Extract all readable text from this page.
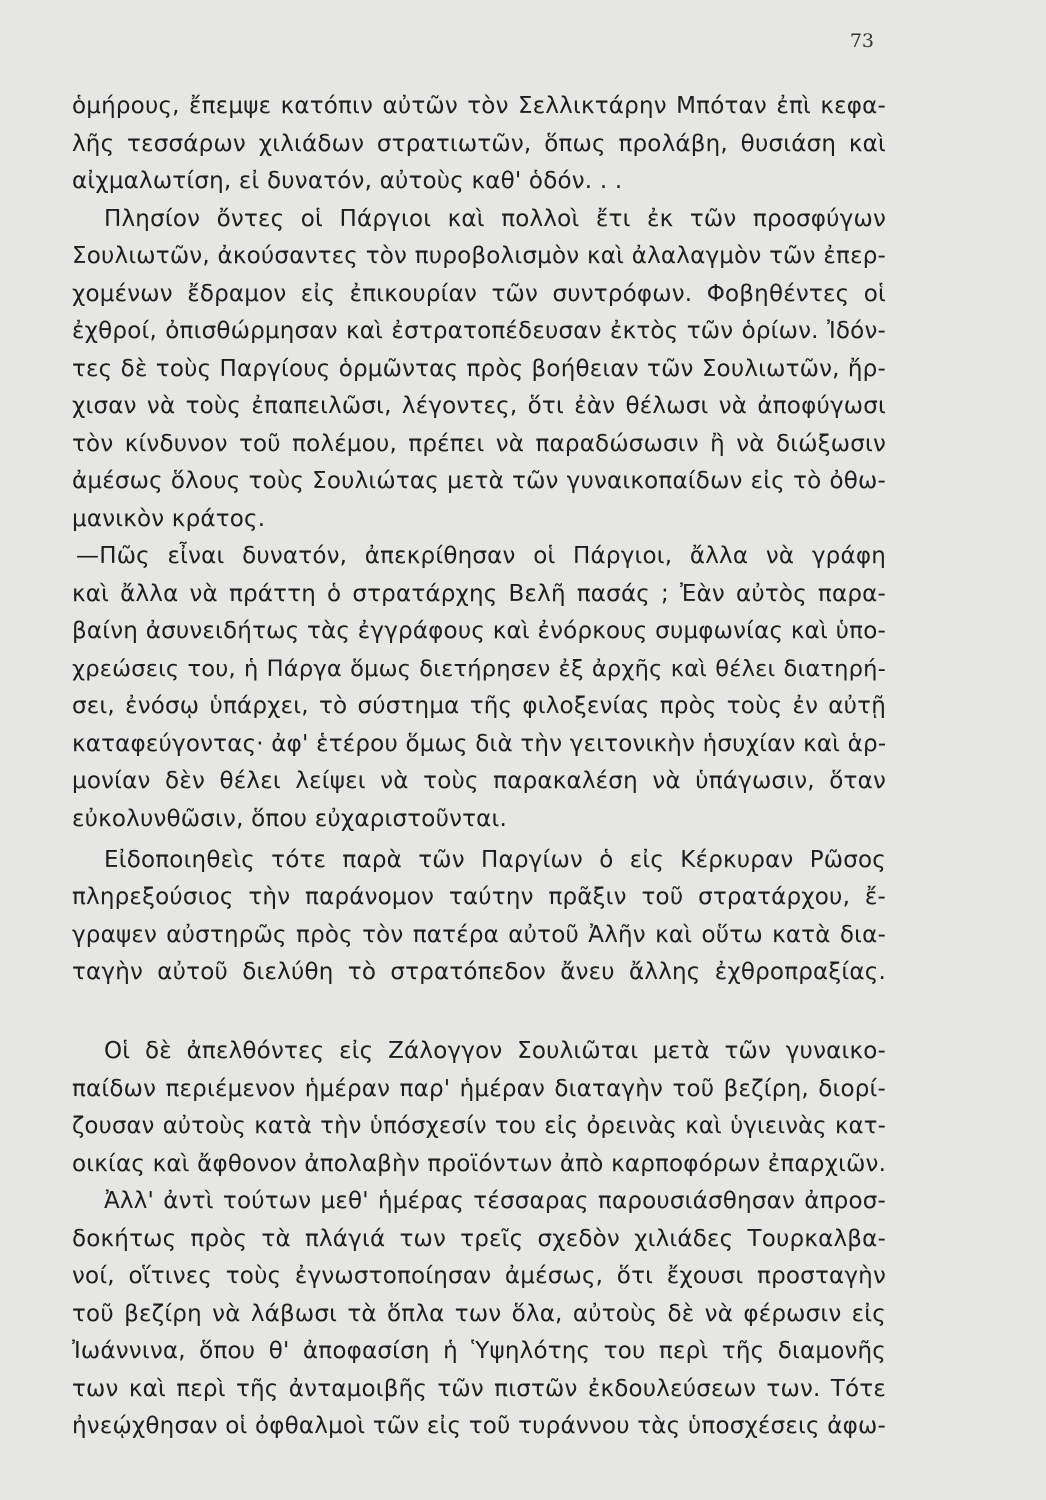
73
ὁμήρους, ἔπεμψε κατόπιν αὐτῶν τὸν Σελλικτάρην Μπόταν ἐπὶ κεφα-
λῆς τεσσάρων χιλιάδων στρατιωτῶν, ὅπως προλάβη, θυσιάση καὶ
αἰχμαλωτίση, εἰ δυνατόν, αὐτοὺς καθ' ὁδόν. . .
Πλησίον ὄντες οἱ Πάργιοι καὶ πολλοὶ ἔτι ἐκ τῶν προσφύγων
Σουλιωτῶν, ἀκούσαντες τὸν πυροβολισμὸν καὶ ἀλαλαγμὸν τῶν ἐπερ-
χομένων ἔδραμον εἰς ἐπικουρίαν τῶν συντρόφων. Φοβηθέντες οἱ
ἐχθροί, ὀπισθώρμησαν καὶ ἐστρατοπέδευσαν ἐκτὸς τῶν ὁρίων. Ἰδόν-
τες δὲ τοὺς Παργίους ὁρμῶντας πρὸς βοήθειαν τῶν Σουλιωτῶν, ἤρ-
χισαν νὰ τοὺς ἐπαπειλῶσι, λέγοντες, ὅτι ἐὰν θέλωσι νὰ ἀποφύγωσι
τὸν κίνδυνον τοῦ πολέμου, πρέπει νὰ παραδώσωσιν ἢ νὰ διώξωσιν
ἀμέσως ὅλους τοὺς Σουλιώτας μετὰ τῶν γυναικοπαίδων εἰς τὸ ὀθω-
μανικὸν κράτος.
—Πῶς εἶναι δυνατόν, ἀπεκρίθησαν οἱ Πάργιοι, ἄλλα νὰ γράφη
καὶ ἄλλα νὰ πράττη ὁ στρατάρχης Βελῆ πασάς ; Ἐὰν αὐτὸς παρα-
βαίνη ἀσυνειδήτως τὰς ἐγγράφους καὶ ἐνόρκους συμφωνίας καὶ ὑπο-
χρεώσεις του, ἡ Πάργα ὅμως διετήρησεν ἐξ ἀρχῆς καὶ θέλει διατηρή-
σει, ἐνόσῳ ὑπάρχει, τὸ σύστημα τῆς φιλοξενίας πρὸς τοὺς ἐν αὐτῇ
καταφεύγοντας· ἀφ' ἑτέρου ὅμως διὰ τὴν γειτονικὴν ἡσυχίαν καὶ ἁρ-
μονίαν δὲν θέλει λείψει νὰ τοὺς παρακαλέση νὰ ὑπάγωσιν, ὅταν
εὐκολυνθῶσιν, ὅπου εὐχαριστοῦνται.
Εἰδοποιηθεὶς τότε παρὰ τῶν Παργίων ὁ εἰς Κέρκυραν Ρῶσος
πληρεξούσιος τὴν παράνομον ταύτην πρᾶξιν τοῦ στρατάρχου, ἔ-
γραψεν αὐστηρῶς πρὸς τὸν πατέρα αὐτοῦ Ἀλῆν καὶ οὕτω κατὰ δια-
ταγὴν αὐτοῦ διελύθη τὸ στρατόπεδον ἄνευ ἄλλης ἐχθροπραξίας.
Οἱ δὲ ἀπελθόντες εἰς Ζάλογγον Σουλιῶται μετὰ τῶν γυναικο-
παίδων περιέμενον ἡμέραν παρ' ἡμέραν διαταγὴν τοῦ βεζίρη, διορί-
ζουσαν αὐτοὺς κατὰ τὴν ὑπόσχεσίν του εἰς ὀρεινὰς καὶ ὑγιεινὰς κατ-
οικίας καὶ ἄφθονον ἀπολαβὴν προϊόντων ἀπὸ καρποφόρων ἐπαρχιῶν.
Ἀλλ' ἀντὶ τούτων μεθ' ἡμέρας τέσσαρας παρουσιάσθησαν ἀπροσ-
δοκήτως πρὸς τὰ πλάγιά των τρεῖς σχεδὸν χιλιάδες Τουρκαλβα-
νοί, οἵτινες τοὺς ἐγνωστοποίησαν ἀμέσως, ὅτι ἔχουσι προσταγὴν
τοῦ βεζίρη νὰ λάβωσι τὰ ὅπλα των ὅλα, αὐτοὺς δὲ νὰ φέρωσιν εἰς
Ἰωάννινα, ὅπου θ' ἀποφασίση ἡ Ὑψηλότης του περὶ τῆς διαμονῆς
των καὶ περὶ τῆς ἀνταμοιβῆς τῶν πιστῶν ἐκδουλεύσεων των. Τότε
ἠνεῴχθησαν οἱ ὀφθαλμοὶ τῶν εἰς τοῦ τυράννου τὰς ὑποσχέσεις ἀφω-
